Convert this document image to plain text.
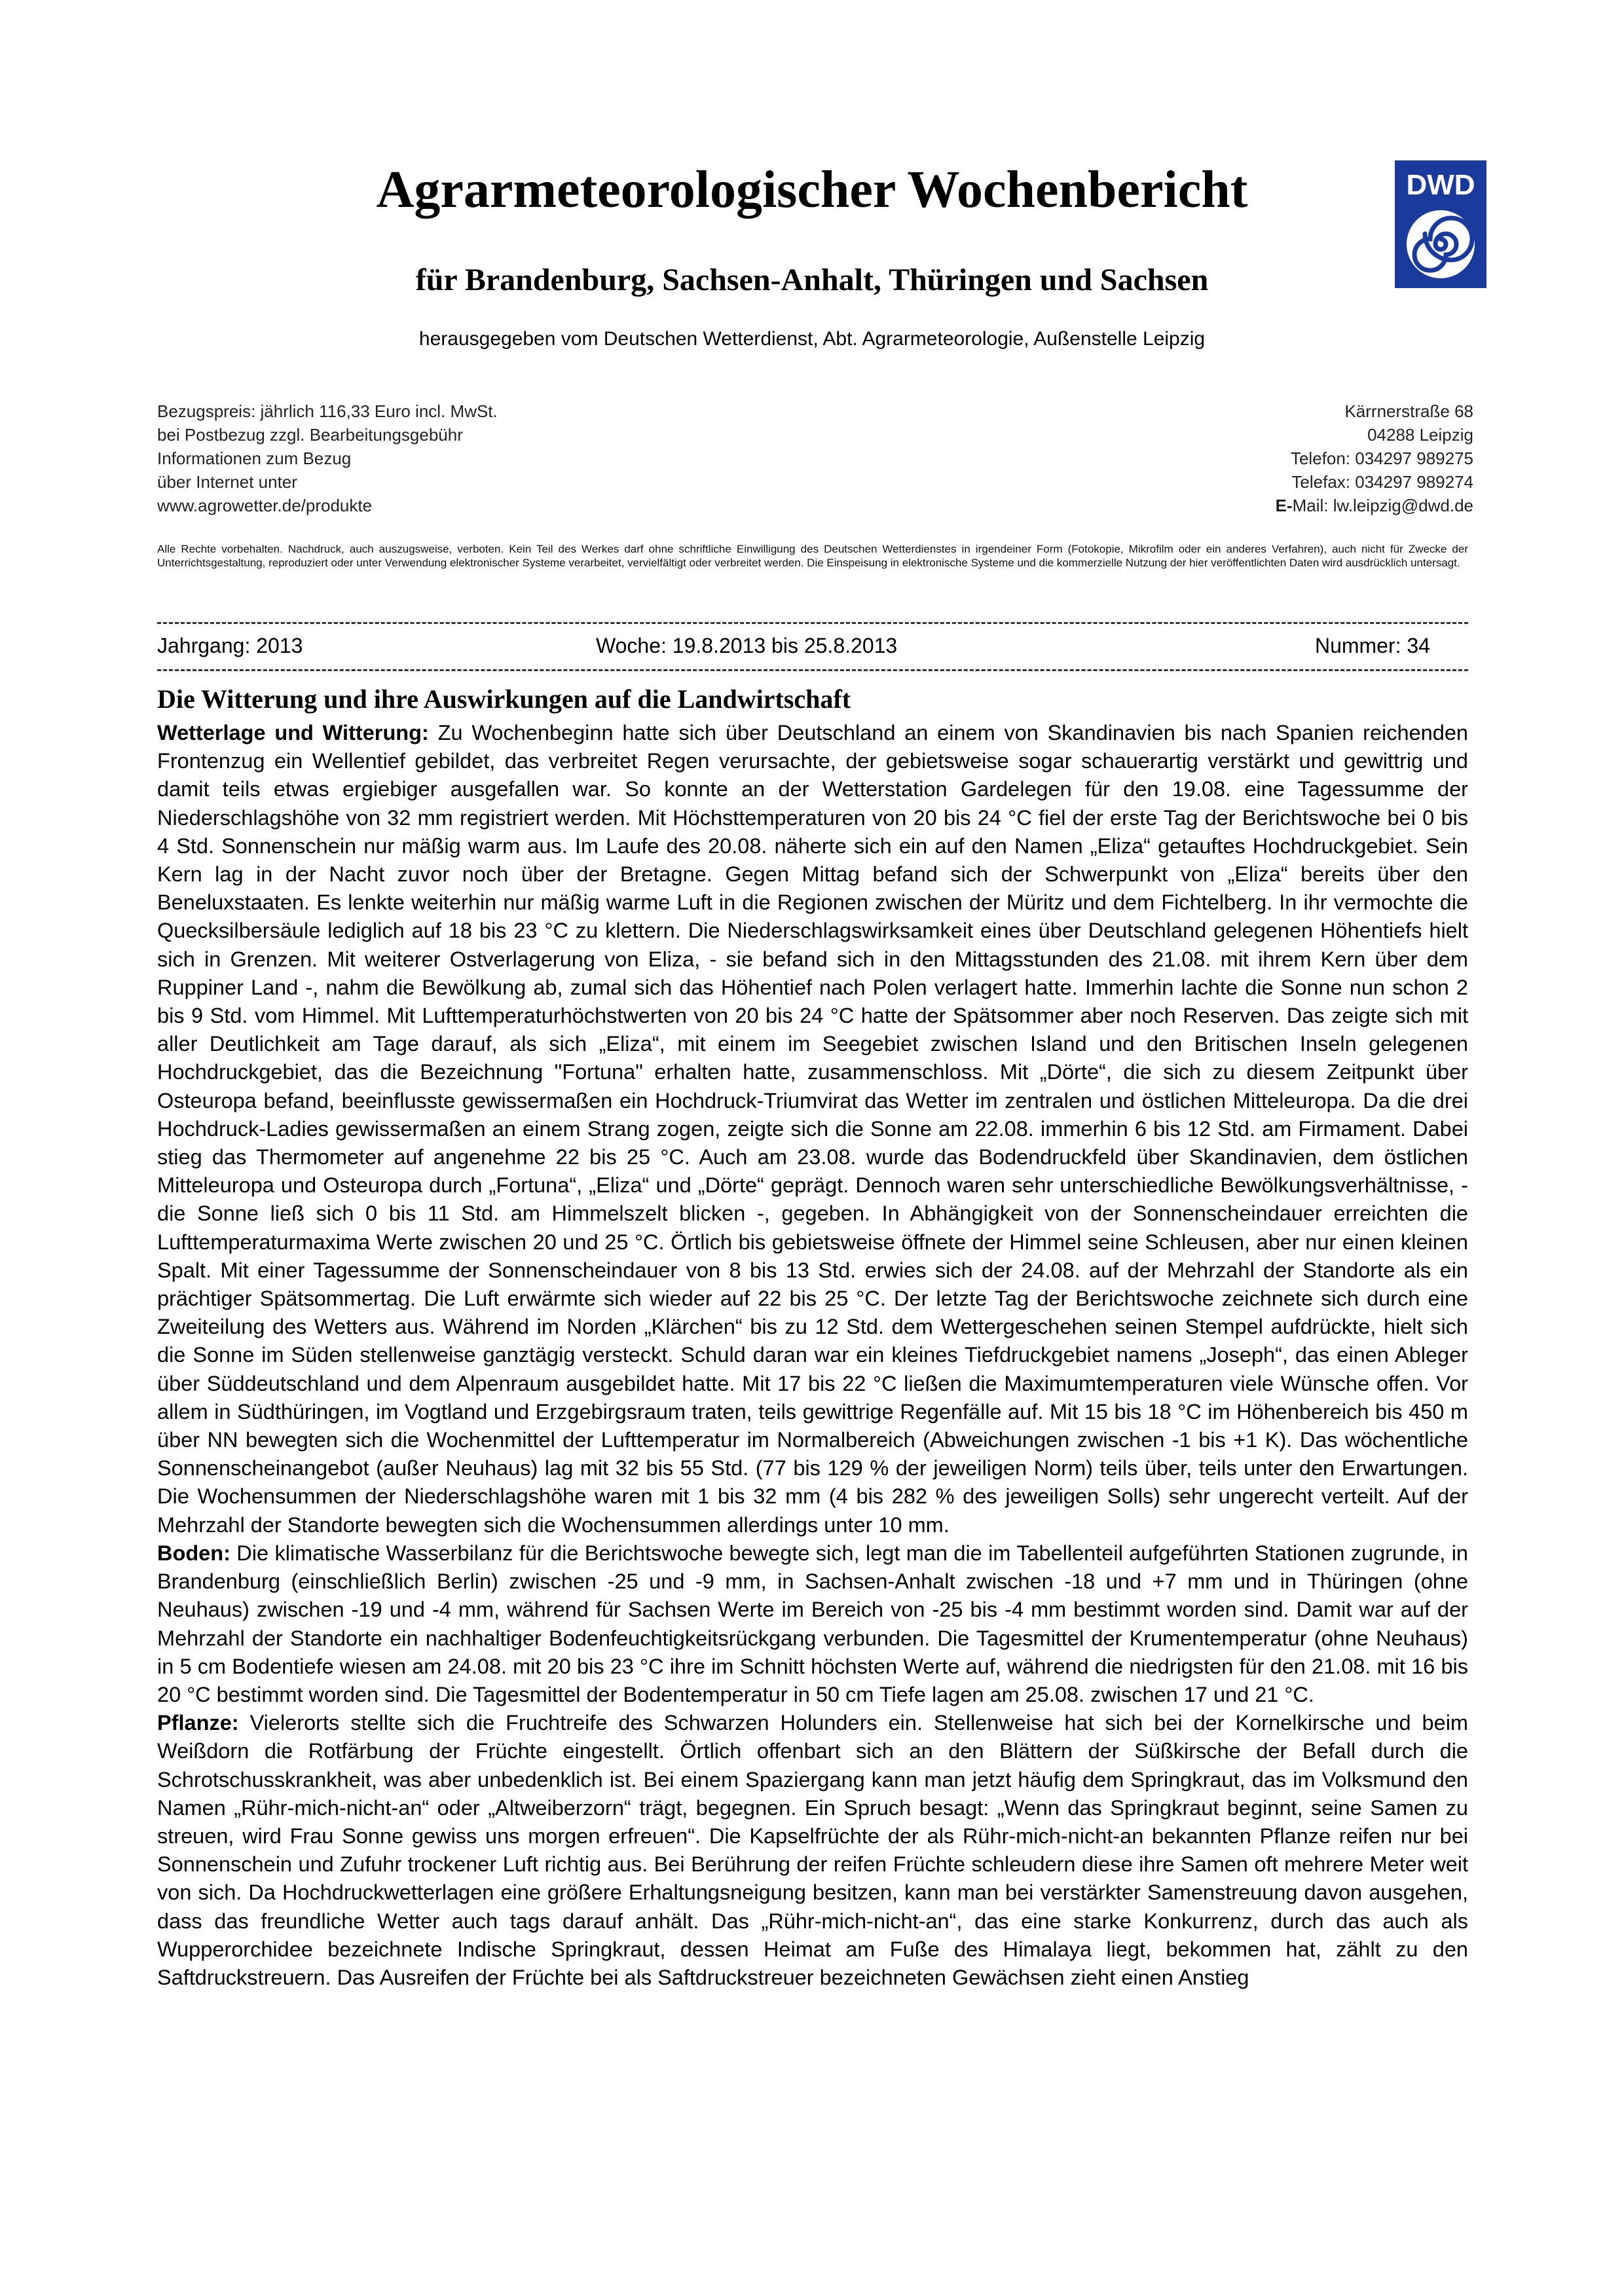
Agrarmeteorologischer Wochenbericht
für Brandenburg, Sachsen-Anhalt, Thüringen und Sachsen
herausgegeben vom Deutschen Wetterdienst, Abt. Agrarmeteorologie, Außenstelle Leipzig
DWD
Bezugspreis: jährlich 116,33 Euro incl. MwSt.
bei Postbezug zzgl. Bearbeitungsgebühr
Informationen zum Bezug
über Internet unter
www.agrowetter.de/produkte
Kärrnerstraße 68
04288 Leipzig
Telefon: 034297 989275
Telefax: 034297 989274
E-Mail: lw.leipzig@dwd.de
Alle Rechte vorbehalten. Nachdruck, auch auszugsweise, verboten. Kein Teil des Werkes darf ohne schriftliche Einwilligung des Deutschen Wetterdienstes in irgendeiner Form (Fotokopie, Mikrofilm oder ein anderes Verfahren), auch nicht für Zwecke der Unterrichtsgestaltung, reproduziert oder unter Verwendung elektronischer Systeme verarbeitet, vervielfältigt oder verbreitet werden. Die Einspeisung in elektronische Systeme und die kommerzielle Nutzung der hier veröffentlichten Daten wird ausdrücklich untersagt.
Jahrgang: 2013	Woche: 19.8.2013 bis 25.8.2013	Nummer: 34
Die Witterung und ihre Auswirkungen auf die Landwirtschaft

Wetterlage und Witterung: Zu Wochenbeginn hatte sich über Deutschland an einem von Skandinavien bis nach Spanien reichenden Frontenzug ein Wellentief gebildet, das verbreitet Regen verursachte, der gebietsweise sogar schauerartig verstärkt und gewittrig und damit teils etwas ergiebiger ausgefallen war. So konnte an der Wetterstation Gardelegen für den 19.08. eine Tagessumme der Niederschlagshöhe von 32 mm registriert werden. Mit Höchsttemperaturen von 20 bis 24 °C fiel der erste Tag der Berichtswoche bei 0 bis 4 Std. Sonnenschein nur mäßig warm aus. Im Laufe des 20.08. näherte sich ein auf den Namen „Eliza“ getauftes Hochdruckgebiet. Sein Kern lag in der Nacht zuvor noch über der Bretagne. Gegen Mittag befand sich der Schwerpunkt von „Eliza“ bereits über den Beneluxstaaten. Es lenkte weiterhin nur mäßig warme Luft in die Regionen zwischen der Müritz und dem Fichtelberg. In ihr vermochte die Quecksilbersäule lediglich auf 18 bis 23 °C zu klettern. Die Niederschlagswirksamkeit eines über Deutschland gelegenen Höhentiefs hielt sich in Grenzen. Mit weiterer Ostverlagerung von Eliza, - sie befand sich in den Mittagsstunden des 21.08. mit ihrem Kern über dem Ruppiner Land -, nahm die Bewölkung ab, zumal sich das Höhentief nach Polen verlagert hatte. Immerhin lachte die Sonne nun schon 2 bis 9 Std. vom Himmel. Mit Lufttemperaturhöchstwerten von 20 bis 24 °C hatte der Spätsommer aber noch Reserven. Das zeigte sich mit aller Deutlichkeit am Tage darauf, als sich „Eliza“, mit einem im Seegebiet zwischen Island und den Britischen Inseln gelegenen Hochdruckgebiet, das die Bezeichnung "Fortuna" erhalten hatte, zusammenschloss. Mit „Dörte“, die sich zu diesem Zeitpunkt über Osteuropa befand, beeinflusste gewissermaßen ein Hochdruck-Triumvirat das Wetter im zentralen und östlichen Mitteleuropa. Da die drei Hochdruck-Ladies gewissermaßen an einem Strang zogen, zeigte sich die Sonne am 22.08. immerhin 6 bis 12 Std. am Firmament. Dabei stieg das Thermometer auf angenehme 22 bis 25 °C. Auch am 23.08. wurde das Bodendruckfeld über Skandinavien, dem östlichen Mitteleuropa und Osteuropa durch „Fortuna“, „Eliza“ und „Dörte“ geprägt. Dennoch waren sehr unterschiedliche Bewölkungsverhältnisse, - die Sonne ließ sich 0 bis 11 Std. am Himmelszelt blicken -, gegeben. In Abhängigkeit von der Sonnenscheindauer erreichten die Lufttemperaturmaxima Werte zwischen 20 und 25 °C. Örtlich bis gebietsweise öffnete der Himmel seine Schleusen, aber nur einen kleinen Spalt. Mit einer Tagessumme der Sonnenscheindauer von 8 bis 13 Std. erwies sich der 24.08. auf der Mehrzahl der Standorte als ein prächtiger Spätsommertag. Die Luft erwärmte sich wieder auf 22 bis 25 °C. Der letzte Tag der Berichtswoche zeichnete sich durch eine Zweiteilung des Wetters aus. Während im Norden „Klärchen“ bis zu 12 Std. dem Wettergeschehen seinen Stempel aufdrückte, hielt sich die Sonne im Süden stellenweise ganztägig versteckt. Schuld daran war ein kleines Tiefdruckgebiet namens „Joseph“, das einen Ableger über Süddeutschland und dem Alpenraum ausgebildet hatte. Mit 17 bis 22 °C ließen die Maximumtemperaturen viele Wünsche offen. Vor allem in Südthüringen, im Vogtland und Erzgebirgsraum traten, teils gewittrige Regenfälle auf. Mit 15 bis 18 °C im Höhenbereich bis 450 m über NN bewegten sich die Wochenmittel der Lufttemperatur im Normalbereich (Abweichungen zwischen -1 bis +1 K). Das wöchentliche Sonnenscheinangebot (außer Neuhaus) lag mit 32 bis 55 Std. (77 bis 129 % der jeweiligen Norm) teils über, teils unter den Erwartungen. Die Wochensummen der Niederschlagshöhe waren mit 1 bis 32 mm (4 bis 282 % des jeweiligen Solls) sehr ungerecht verteilt. Auf der Mehrzahl der Standorte bewegten sich die Wochensummen allerdings unter 10 mm.

Boden: Die klimatische Wasserbilanz für die Berichtswoche bewegte sich, legt man die im Tabellenteil aufgeführten Stationen zugrunde, in Brandenburg (einschließlich Berlin) zwischen -25 und -9 mm, in Sachsen-Anhalt zwischen -18 und +7 mm und in Thüringen (ohne Neuhaus) zwischen -19 und -4 mm, während für Sachsen Werte im Bereich von -25 bis -4 mm bestimmt worden sind. Damit war auf der Mehrzahl der Standorte ein nachhaltiger Bodenfeuchtigkeitsrückgang verbunden. Die Tagesmittel der Krumentemperatur (ohne Neuhaus) in 5 cm Bodentiefe wiesen am 24.08. mit 20 bis 23 °C ihre im Schnitt höchsten Werte auf, während die niedrigsten für den 21.08. mit 16 bis 20 °C bestimmt worden sind. Die Tagesmittel der Bodentemperatur in 50 cm Tiefe lagen am 25.08. zwischen 17 und 21 °C.

Pflanze: Vielerorts stellte sich die Fruchtreife des Schwarzen Holunders ein. Stellenweise hat sich bei der Kornelkirsche und beim Weißdorn die Rotfärbung der Früchte eingestellt. Örtlich offenbart sich an den Blättern der Süßkirsche der Befall durch die Schrotschusskrankheit, was aber unbedenklich ist. Bei einem Spaziergang kann man jetzt häufig dem Springkraut, das im Volksmund den Namen „Rühr-mich-nicht-an“ oder „Altweiberzorn“ trägt, begegnen. Ein Spruch besagt: „Wenn das Springkraut beginnt, seine Samen zu streuen, wird Frau Sonne gewiss uns morgen erfreuen“. Die Kapselfrüchte der als Rühr-mich-nicht-an bekannten Pflanze reifen nur bei Sonnenschein und Zufuhr trockener Luft richtig aus. Bei Berührung der reifen Früchte schleudern diese ihre Samen oft mehrere Meter weit von sich. Da Hochdruckwetterlagen eine größere Erhaltungsneigung besitzen, kann man bei verstärkter Samenstreuung davon ausgehen, dass das freundliche Wetter auch tags darauf anhält. Das „Rühr-mich-nicht-an“, das eine starke Konkurrenz, durch das auch als Wupperorchidee bezeichnete Indische Springkraut, dessen Heimat am Fuße des Himalaya liegt, bekommen hat, zählt zu den Saftdruckstreuern. Das Ausreifen der Früchte bei als Saftdruckstreuer bezeichneten Gewächsen zieht einen Anstieg
